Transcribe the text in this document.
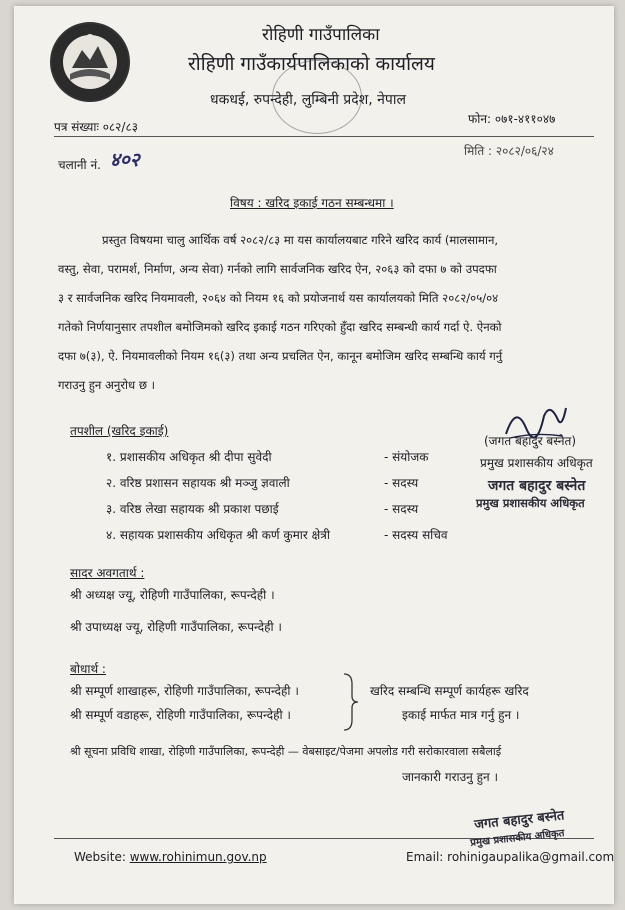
रोहिणी गाउँपालिका
रोहिणी गाउँकार्यपालिकाको कार्यालय
धकधई, रुपन्देही, लुम्बिनी प्रदेश, नेपाल
फोन: ०७१-४११०४७
पत्र संख्याः ०८२/८३
चलानी नं. ४०२	मिति : २०८२/०६/२४
विषय : खरिद इकाई गठन सम्बन्धमा ।
प्रस्तुत विषयमा चालु आर्थिक वर्ष २०८२/८३ मा यस कार्यालयबाट गरिने खरिद कार्य (मालसामान,
वस्तु, सेवा, परामर्श, निर्माण, अन्य सेवा) गर्नको लागि सार्वजनिक खरिद ऐन, २०६३ को दफा ७ को उपदफा
३ र सार्वजनिक खरिद नियमावली, २०६४ को नियम १६ को प्रयोजनार्थ यस कार्यालयको मिति २०८२/०५/०४
गतेको निर्णयानुसार तपशील बमोजिमको खरिद इकाई गठन गरिएको हुँदा खरिद सम्बन्धी कार्य गर्दा ऐ. ऐनको
दफा ७(३), ऐ. नियमावलीको नियम १६(३) तथा अन्य प्रचलित ऐन, कानून बमोजिम खरिद सम्बन्धि कार्य गर्नु
गराउनु हुन अनुरोध छ ।
तपशील (खरिद इकाई)
१. प्रशासकीय अधिकृत श्री दीपा सुवेदी	- संयोजक
२. वरिष्ठ प्रशासन सहायक श्री मञ्जु ज्ञवाली	- सदस्य
३. वरिष्ठ लेखा सहायक श्री प्रकाश पछाई	- सदस्य
४. सहायक प्रशासकीय अधिकृत श्री कर्ण कुमार क्षेत्री	- सदस्य सचिव
(जगत बहादुर बस्नेत)
प्रमुख प्रशासकीय अधिकृत
जगत बहादुर बस्नेत
प्रमुख प्रशासकीय अधिकृत
सादर अवगतार्थ :
श्री अध्यक्ष ज्यू, रोहिणी गाउँपालिका, रूपन्देही ।
श्री उपाध्यक्ष ज्यू, रोहिणी गाउँपालिका, रूपन्देही ।
बोधार्थ :
श्री सम्पूर्ण शाखाहरू, रोहिणी गाउँपालिका, रूपन्देही ।
श्री सम्पूर्ण वडाहरू, रोहिणी गाउँपालिका, रूपन्देही ।
खरिद सम्बन्धि सम्पूर्ण कार्यहरू खरिद
इकाई मार्फत मात्र गर्नु हुन ।
श्री सूचना प्रविधि शाखा, रोहिणी गाउँपालिका, रूपन्देही — वेबसाइट/पेजमा अपलोड गरी सरोकारवाला सबैलाई
जानकारी गराउनु हुन ।
Website: www.rohinimun.gov.np	Email: rohinigaupalika@gmail.com
जगत बहादुर बस्नेत
प्रमुख प्रशासकीय अधिकृत
